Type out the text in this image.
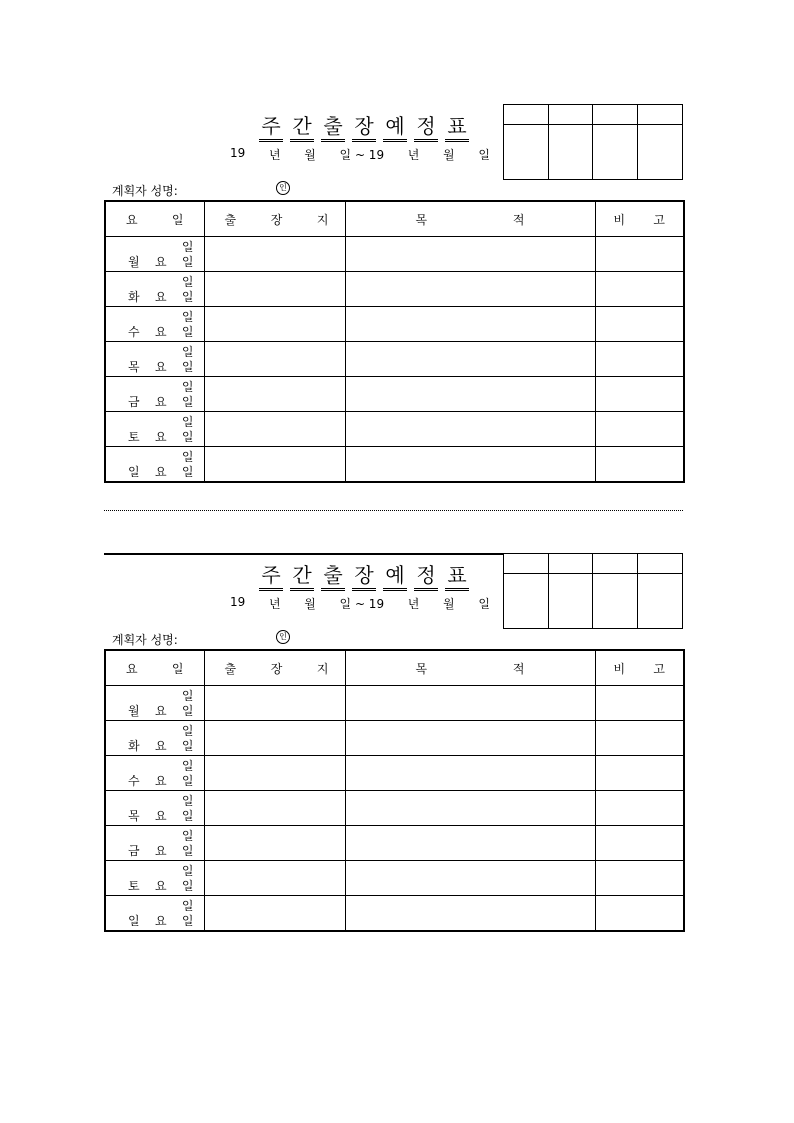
주 간 출 장 예 정 표
19 년 월 일 ~ 19 년 월 일
계획자 성명:	인
요 일	출 장 지	목 적	비 고

일
월 요 일			

일
화 요 일			

일
수 요 일			

일
목 요 일			

일
금 요 일			

일
토 요 일			

일
일 요 일			

주 간 출 장 예 정 표
19 년 월 일 ~ 19 년 월 일
계획자 성명:	인
요 일	출 장 지	목 적	비 고

일
월 요 일			

일
화 요 일			

일
수 요 일			

일
목 요 일			

일
금 요 일			

일
토 요 일			

일
일 요 일			
